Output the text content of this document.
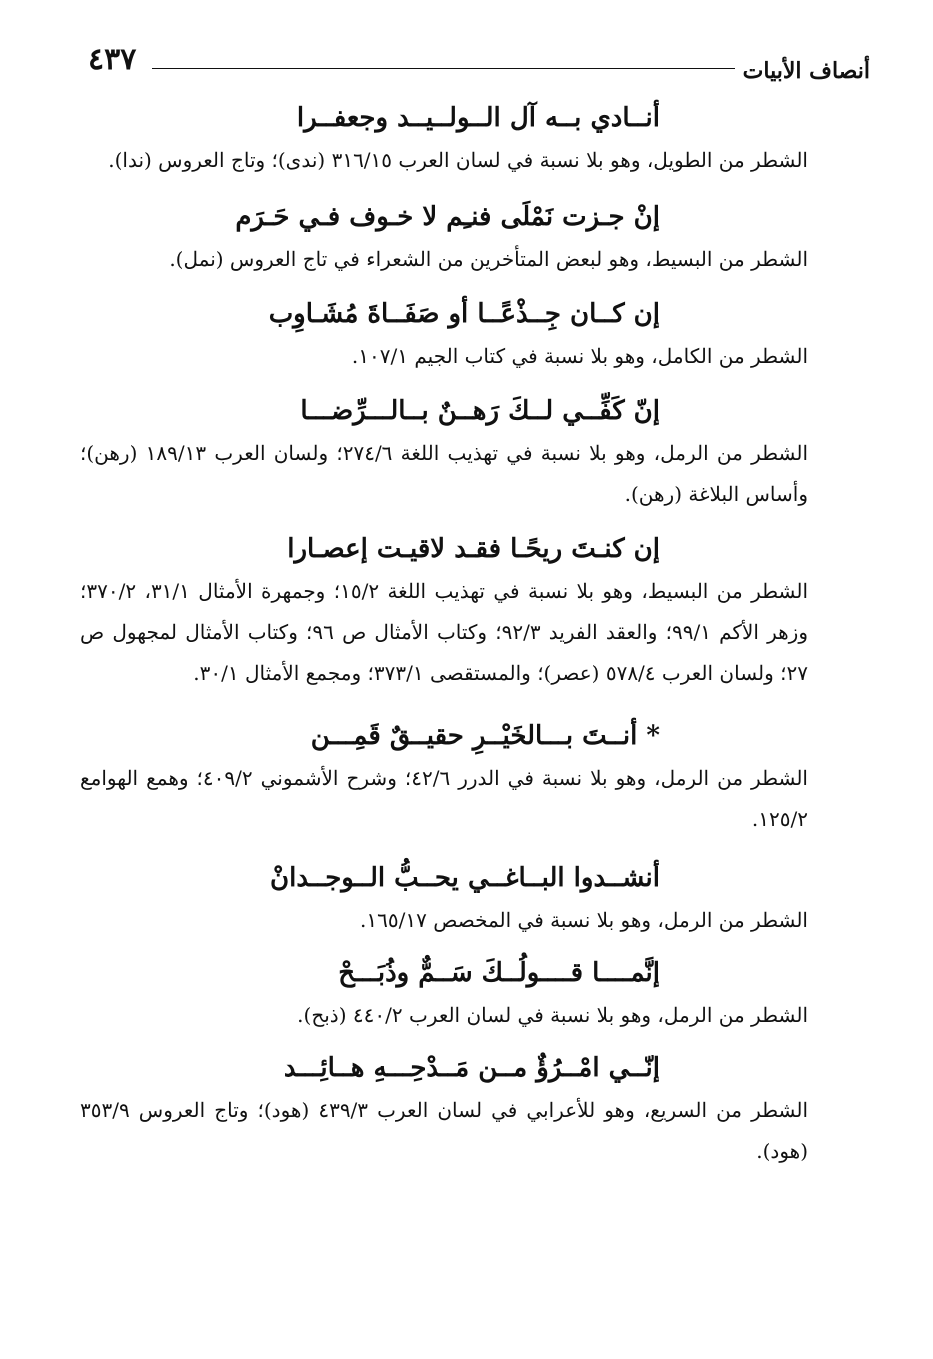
٤٣٧	أنصاف الأبيات

أنــادي بــه آل الــولــيــد وجعفــرا

الشطر من الطويل، وهو بلا نسبة في لسان العرب ٣١٦/١٥ (ندى)؛ وتاج العروس (ندا).

إنْ جـزت نَمْلَى فنـِم لا خـوف فـي حَـرَم

الشطر من البسيط، وهو لبعض المتأخرين من الشعراء في تاج العروس (نمل).

إن كــان جِــذْعًــا أو صَفَــاةَ مُشَـاوِب

الشطر من الكامل، وهو بلا نسبة في كتاب الجيم ١٠٧/١.

إنّ كَفِّــي لــكَ رَهــنٌ بــالـــرِّضـــا

الشطر من الرمل، وهو بلا نسبة في تهذيب اللغة ٢٧٤/٦؛ ولسان العرب ١٨٩/١٣ (رهن)؛ وأساس البلاغة (رهن).

إن كنـتَ ريحًـا فقـد لاقيـت إعصـارا

الشطر من البسيط، وهو بلا نسبة في تهذيب اللغة ١٥/٢؛ وجمهرة الأمثال ٣١/١، ٣٧٠/٢؛ وزهر الأكم ٩٩/١؛ والعقد الفريد ٩٢/٣؛ وكتاب الأمثال ص ٩٦؛ وكتاب الأمثال لمجهول ص ٢٧؛ ولسان العرب ٥٧٨/٤ (عصر)؛ والمستقصى ٣٧٣/١؛ ومجمع الأمثال ٣٠/١.

* أنــتَ بـــالخَيْــرِ حقيــقٌ قَمِـــن

الشطر من الرمل، وهو بلا نسبة في الدرر ٤٢/٦؛ وشرح الأشموني ٤٠٩/٢؛ وهمع الهوامع ١٢٥/٢.

أنشــدوا البــاغــي يحــبُّ الــوجــدانْ

الشطر من الرمل، وهو بلا نسبة في المخصص ١٦٥/١٧.

إنَّمــــا قــــولُــكَ سَــمٌّ وذُبَـــحْ

الشطر من الرمل، وهو بلا نسبة في لسان العرب ٤٤٠/٢ (ذبح).

إنّــي امْــرُؤٌ مــن مَــدْحِـــهِ هــائِـــد

الشطر من السريع، وهو للأعرابي في لسان العرب ٤٣٩/٣ (هود)؛ وتاج العروس ٣٥٣/٩ (هود).
